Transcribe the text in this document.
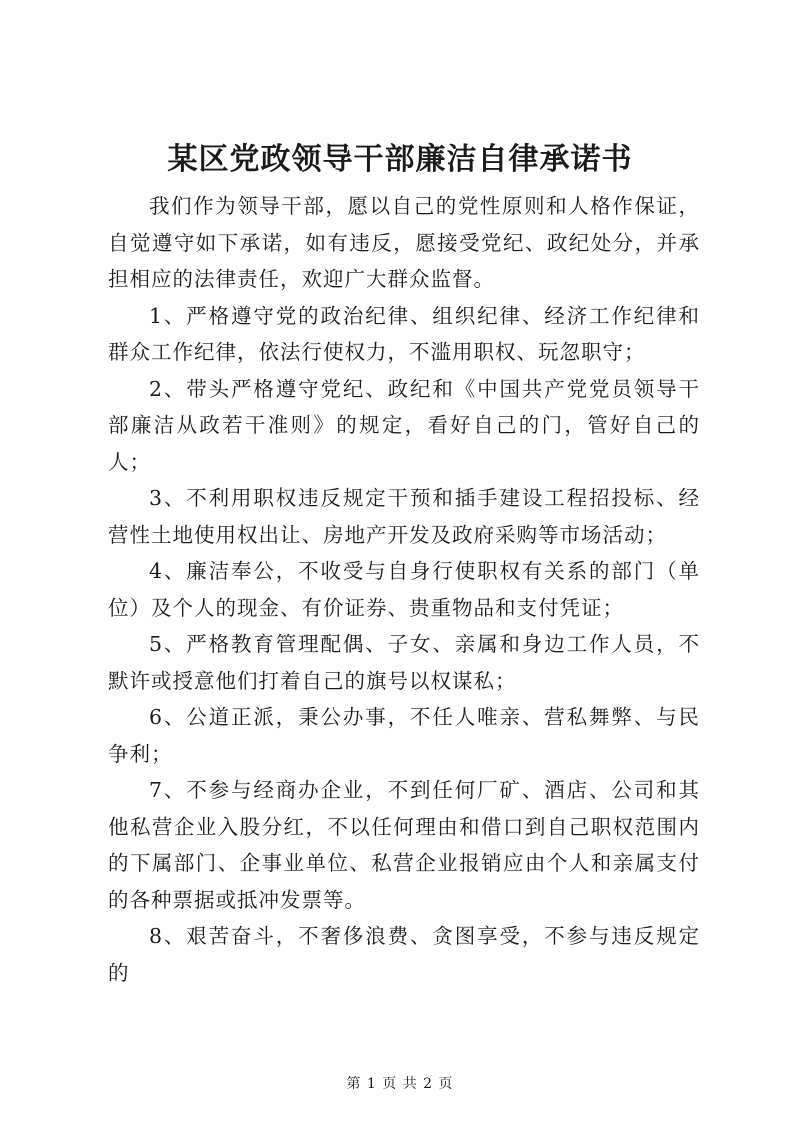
某区党政领导干部廉洁自律承诺书

我们作为领导干部，愿以自己的党性原则和人格作保证，自觉遵守如下承诺，如有违反，愿接受党纪、政纪处分，并承担相应的法律责任，欢迎广大群众监督。

1、严格遵守党的政治纪律、组织纪律、经济工作纪律和群众工作纪律，依法行使权力，不滥用职权、玩忽职守；

2、带头严格遵守党纪、政纪和《中国共产党党员领导干部廉洁从政若干准则》的规定，看好自己的门，管好自己的人；

3、不利用职权违反规定干预和插手建设工程招投标、经营性土地使用权出让、房地产开发及政府采购等市场活动；

4、廉洁奉公，不收受与自身行使职权有关系的部门（单位）及个人的现金、有价证券、贵重物品和支付凭证；

5、严格教育管理配偶、子女、亲属和身边工作人员，不默许或授意他们打着自己的旗号以权谋私；

6、公道正派，秉公办事，不任人唯亲、营私舞弊、与民争利；

7、不参与经商办企业，不到任何厂矿、酒店、公司和其他私营企业入股分红，不以任何理由和借口到自己职权范围内的下属部门、企事业单位、私营企业报销应由个人和亲属支付的各种票据或抵冲发票等。

8、艰苦奋斗，不奢侈浪费、贪图享受，不参与违反规定的

第 1 页 共 2 页
